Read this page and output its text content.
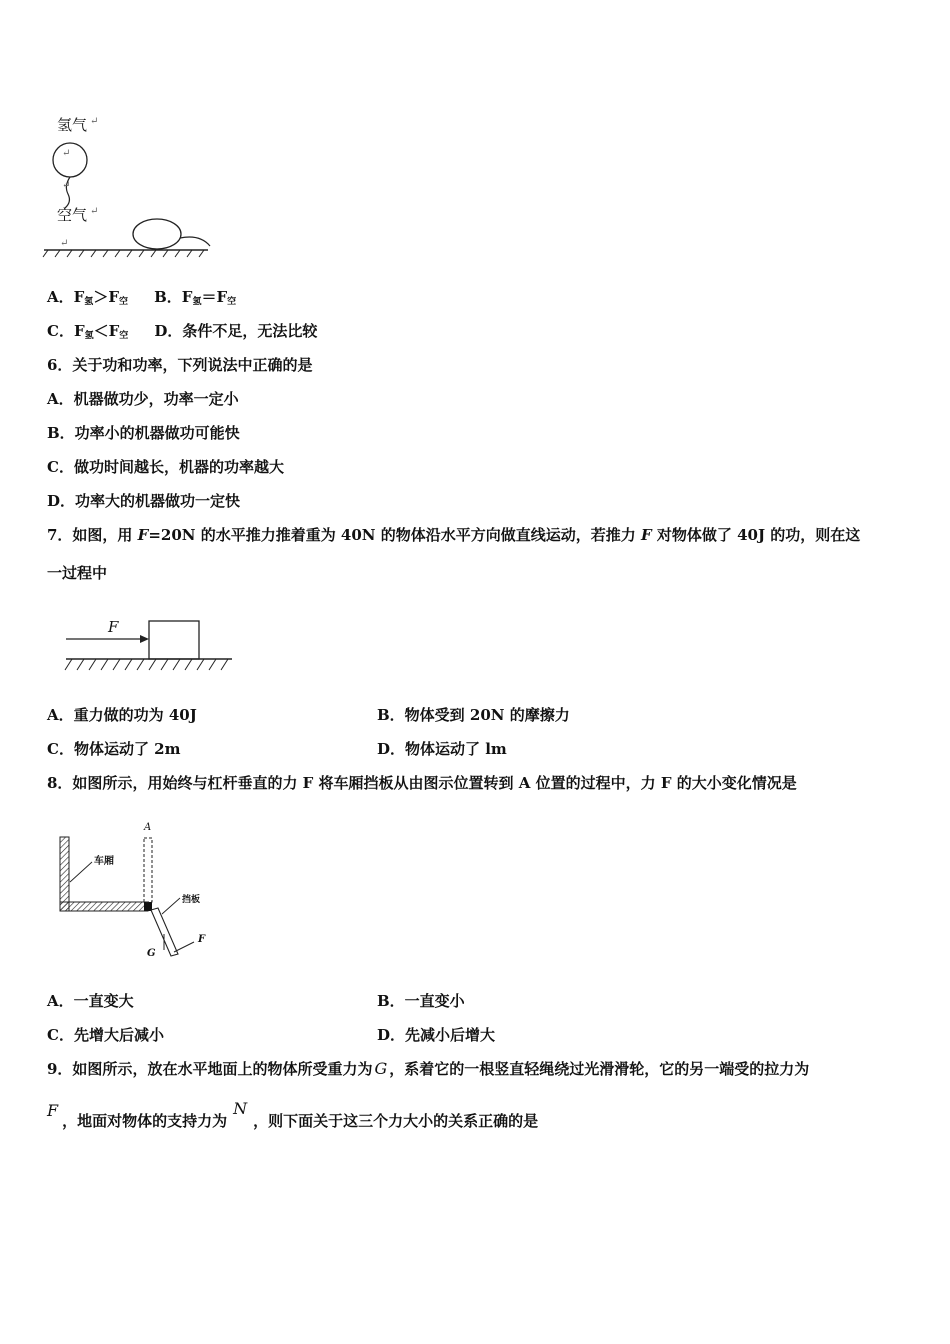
氢气 ↵
空气 ↵
↵
↵
↵
A．$F_氢>F_空$ B．$F_氢=F_空$
C．$F_氢<F_空$ D．条件不足，无法比较
6．关于功和功率，下列说法中正确的是
A．机器做功少，功率一定小
B．功率小的机器做功可能快
C．做功时间越长，机器的功率越大
D．功率大的机器做功一定快
7．如图，用 F=20N 的水平推力推着重为 40N 的物体沿水平方向做直线运动，若推力 F 对物体做了 40J 的功，则在这
一过程中
F
A．重力做的功为 40J	B．物体受到 20N 的摩擦力
C．物体运动了 2m	D．物体运动了 lm
8．如图所示，用始终与杠杆垂直的力 F 将车厢挡板从由图示位置转到 A 位置的过程中，力 F 的大小变化情况是
A
车厢
挡板
G
F
A．一直变大	B．一直变小
C．先增大后减小	D．先减小后增大
9．如图所示，放在水平地面上的物体所受重力为 G ，系着它的一根竖直轻绳绕过光滑滑轮，它的另一端受的拉力为
F，地面对物体的支持力为N，则下面关于这三个力大小的关系正确的是
